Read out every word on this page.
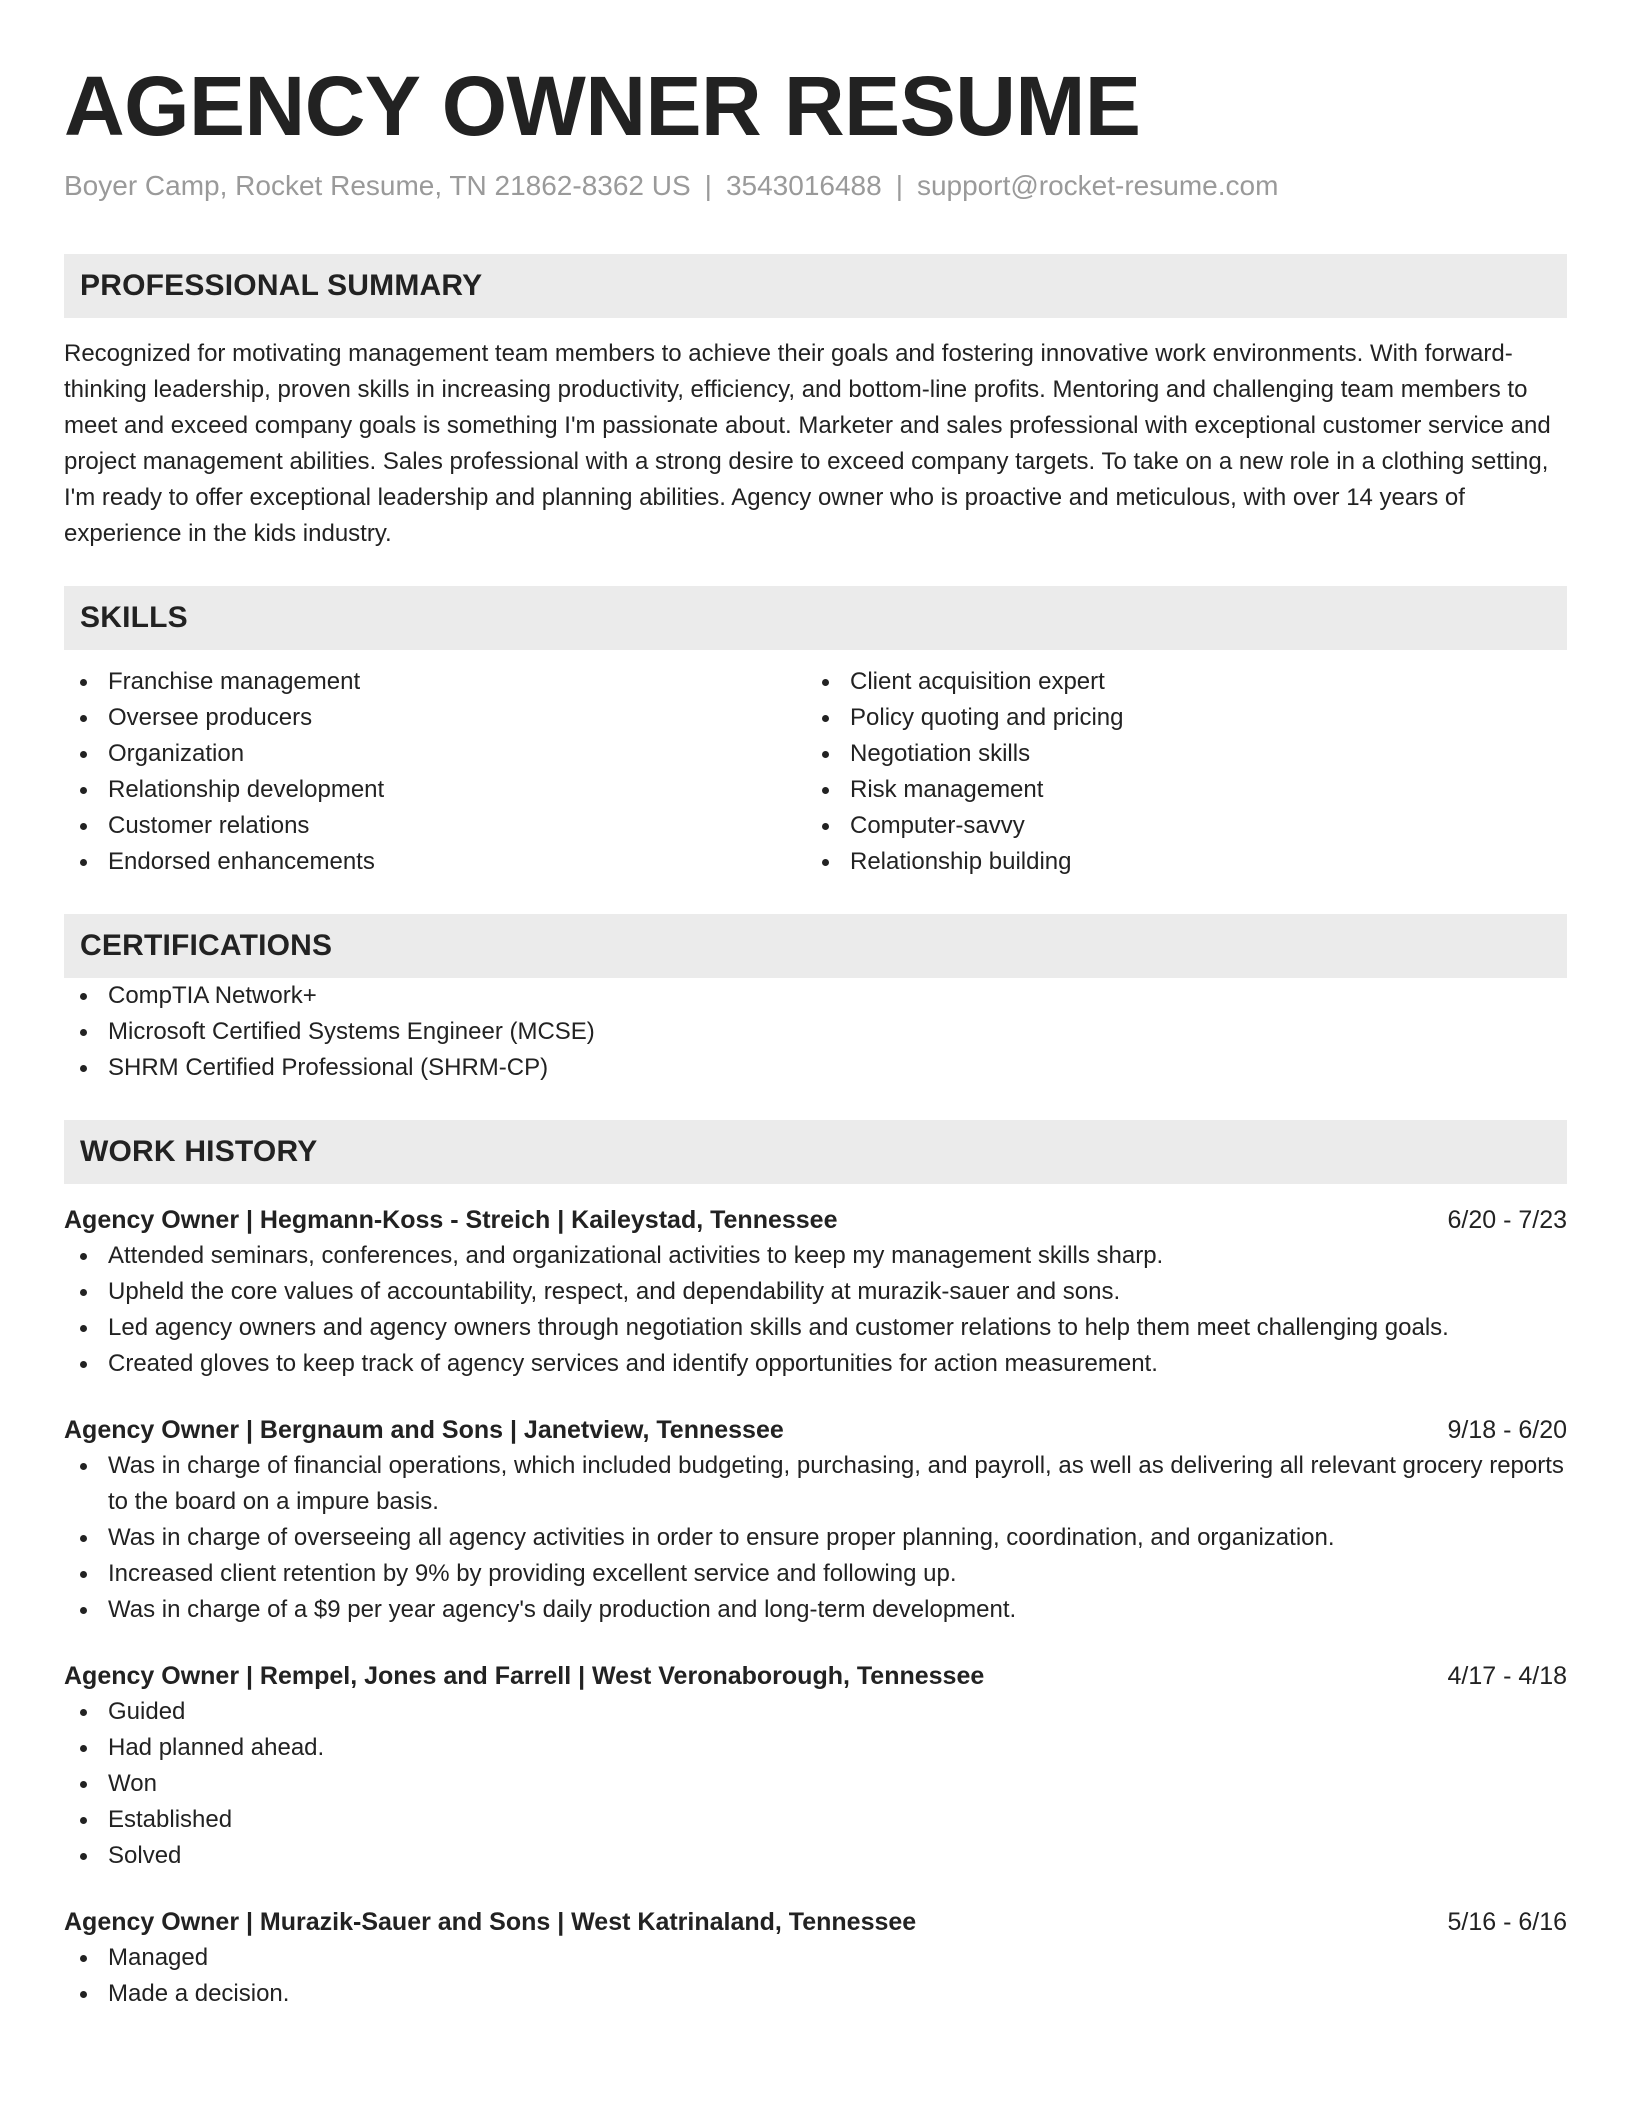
AGENCY OWNER RESUME
Boyer Camp, Rocket Resume, TN 21862-8362 US | 3543016488 | support@rocket-resume.com
PROFESSIONAL SUMMARY
Recognized for motivating management team members to achieve their goals and fostering innovative work environments. With forward-thinking leadership, proven skills in increasing productivity, efficiency, and bottom-line profits. Mentoring and challenging team members to meet and exceed company goals is something I'm passionate about. Marketer and sales professional with exceptional customer service and project management abilities. Sales professional with a strong desire to exceed company targets. To take on a new role in a clothing setting, I'm ready to offer exceptional leadership and planning abilities. Agency owner who is proactive and meticulous, with over 14 years of experience in the kids industry.
SKILLS
Franchise management
Oversee producers
Organization
Relationship development
Customer relations
Endorsed enhancements
Client acquisition expert
Policy quoting and pricing
Negotiation skills
Risk management
Computer-savvy
Relationship building
CERTIFICATIONS
CompTIA Network+
Microsoft Certified Systems Engineer (MCSE)
SHRM Certified Professional (SHRM-CP)
WORK HISTORY
Agency Owner | Hegmann-Koss - Streich | Kaileystad, Tennessee	6/20 - 7/23
Attended seminars, conferences, and organizational activities to keep my management skills sharp.
Upheld the core values of accountability, respect, and dependability at murazik-sauer and sons.
Led agency owners and agency owners through negotiation skills and customer relations to help them meet challenging goals.
Created gloves to keep track of agency services and identify opportunities for action measurement.
Agency Owner | Bergnaum and Sons | Janetview, Tennessee	9/18 - 6/20
Was in charge of financial operations, which included budgeting, purchasing, and payroll, as well as delivering all relevant grocery reports to the board on a impure basis.
Was in charge of overseeing all agency activities in order to ensure proper planning, coordination, and organization.
Increased client retention by 9% by providing excellent service and following up.
Was in charge of a $9 per year agency's daily production and long-term development.
Agency Owner | Rempel, Jones and Farrell | West Veronaborough, Tennessee	4/17 - 4/18
Guided
Had planned ahead.
Won
Established
Solved
Agency Owner | Murazik-Sauer and Sons | West Katrinaland, Tennessee	5/16 - 6/16
Managed
Made a decision.
